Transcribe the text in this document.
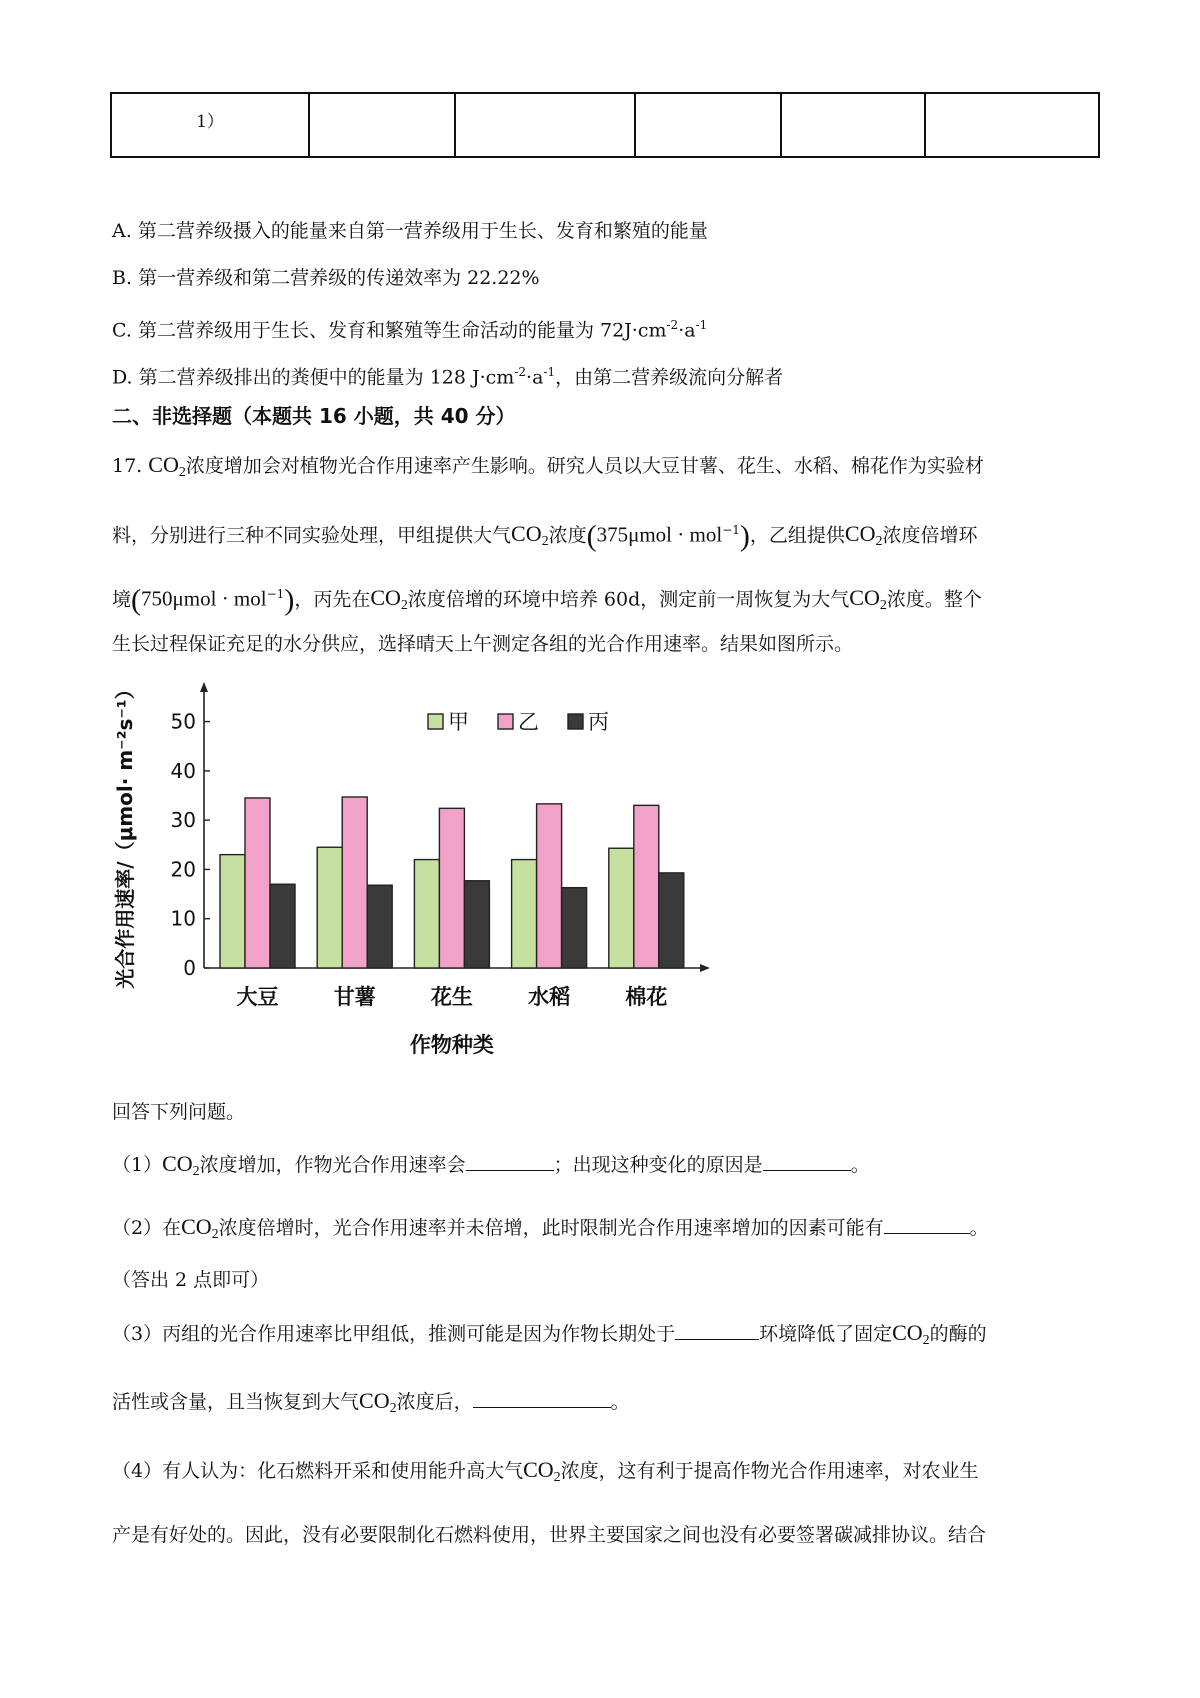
1）					
A. 第二营养级摄入的能量来自第一营养级用于生长、发育和繁殖的能量
B. 第一营养级和第二营养级的传递效率为 22.22%
C. 第二营养级用于生长、发育和繁殖等生命活动的能量为 $72J\cdot cm^{-2}\cdot a^{-1}$
D. 第二营养级排出的粪便中的能量为 128 $J\cdot cm^{-2}\cdot a^{-1}$，由第二营养级流向分解者
二、非选择题（本题共 16 小题，共 40 分）
17. $CO_2$浓度增加会对植物光合作用速率产生影响。研究人员以大豆甘薯、花生、水稻、棉花作为实验材
料，分别进行三种不同实验处理，甲组提供大气$CO_2$浓度(375μmol · mol$^{-1}$)，乙组提供$CO_2$浓度倍增环
境(750μmol · mol$^{-1}$)，丙先在$CO_2$浓度倍增的环境中培养 60d，测定前一周恢复为大气$CO_2$浓度。整个
生长过程保证充足的水分供应，选择晴天上午测定各组的光合作用速率。结果如图所示。
0
10
20
30
40
50
大豆	甘薯	花生	水稻	棉花
作物种类
光合作用速率/（μmol· m⁻²s⁻¹）	甲 乙 丙
回答下列问题。
$(1)CO_2$浓度增加，作物光合作用速率会	；出现这种变化的原因是	。
（2）在$CO_2$浓度倍增时，光合作用速率并未倍增，此时限制光合作用速率增加的因素可能有	。
（答出 2 点即可）
（3）丙组的光合作用速率比甲组低，推测可能是因为作物长期处于	环境降低了固定$CO_2$的酶的
活性或含量，且当恢复到大气$CO_2$浓度后，	。
（4）有人认为：化石燃料开采和使用能升高大气$CO_2$浓度，这有利于提高作物光合作用速率，对农业生
产是有好处的。因此，没有必要限制化石燃料使用，世界主要国家之间也没有必要签署碳减排协议。结合
